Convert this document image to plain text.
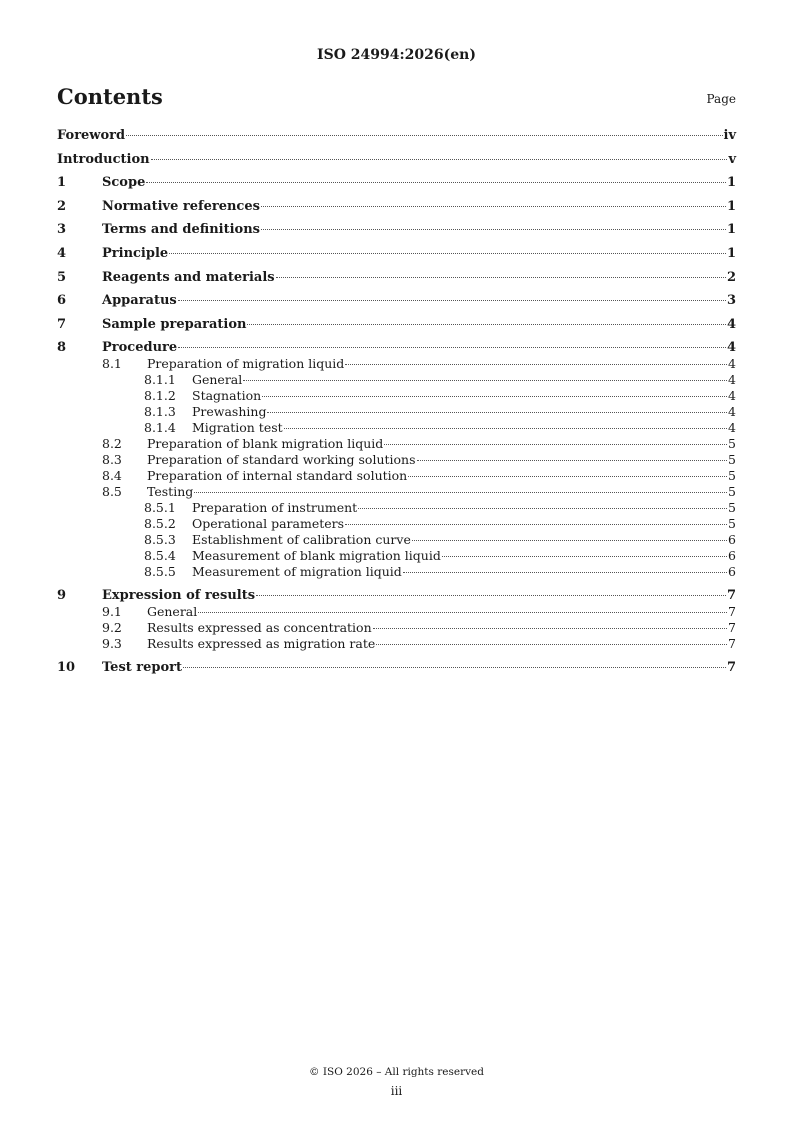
ISO 24994:2026(en)
Contents	Page
Foreword	iv
Introduction	v
1	Scope	1
2	Normative references	1
3	Terms and definitions	1
4	Principle	1
5	Reagents and materials	2
6	Apparatus	3
7	Sample preparation	4
8	Procedure	4
8.1	Preparation of migration liquid	4
8.1.1	General	4
8.1.2	Stagnation	4
8.1.3	Prewashing	4
8.1.4	Migration test	4
8.2	Preparation of blank migration liquid	5
8.3	Preparation of standard working solutions	5
8.4	Preparation of internal standard solution	5
8.5	Testing	5
8.5.1	Preparation of instrument	5
8.5.2	Operational parameters	5
8.5.3	Establishment of calibration curve	6
8.5.4	Measurement of blank migration liquid	6
8.5.5	Measurement of migration liquid	6
9	Expression of results	7
9.1	General	7
9.2	Results expressed as concentration	7
9.3	Results expressed as migration rate	7
10	Test report	7
© ISO 2026 – All rights reserved
iii
